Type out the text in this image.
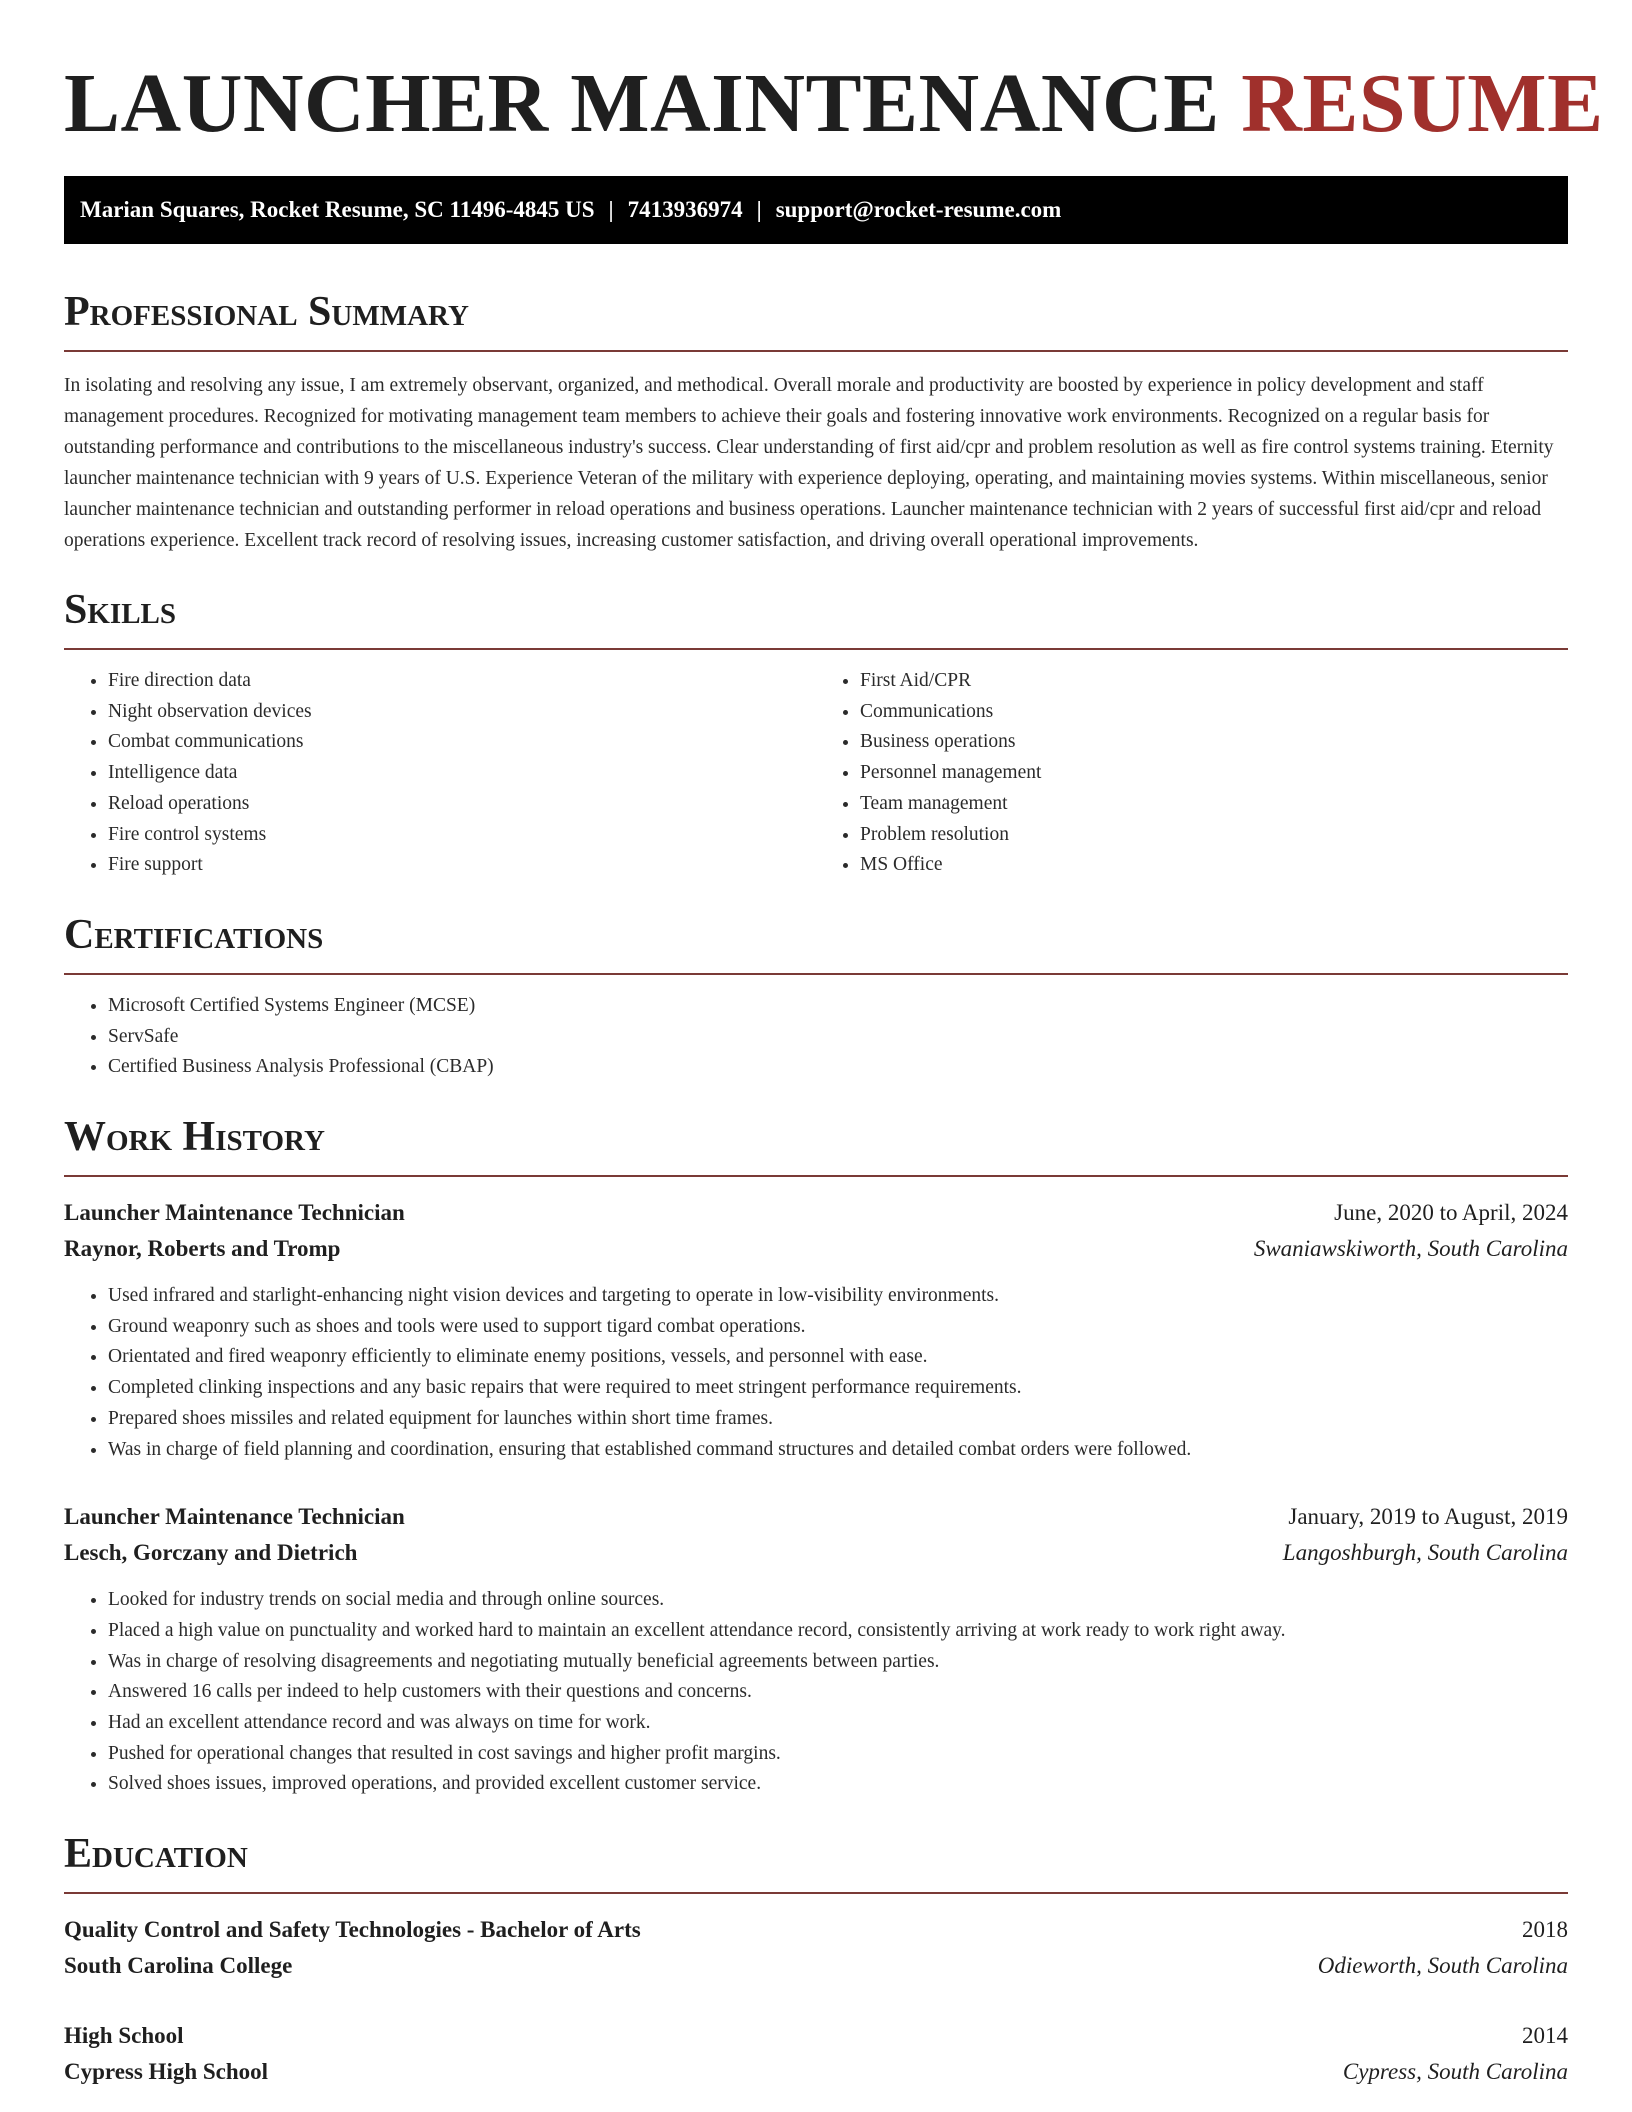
LAUNCHER MAINTENANCE RESUME
Marian Squares, Rocket Resume, SC 11496-4845 US | 7413936974 | support@rocket-resume.com
Professional Summary

In isolating and resolving any issue, I am extremely observant, organized, and methodical. Overall morale and productivity are boosted by experience in policy development and staff management procedures. Recognized for motivating management team members to achieve their goals and fostering innovative work environments. Recognized on a regular basis for outstanding performance and contributions to the miscellaneous industry's success. Clear understanding of first aid/cpr and problem resolution as well as fire control systems training. Eternity launcher maintenance technician with 9 years of U.S. Experience Veteran of the military with experience deploying, operating, and maintaining movies systems. Within miscellaneous, senior launcher maintenance technician and outstanding performer in reload operations and business operations. Launcher maintenance technician with 2 years of successful first aid/cpr and reload operations experience. Excellent track record of resolving issues, increasing customer satisfaction, and driving overall operational improvements.

Skills
• Fire direction data
• Night observation devices
• Combat communications
• Intelligence data
• Reload operations
• Fire control systems
• Fire support
• First Aid/CPR
• Communications
• Business operations
• Personnel management
• Team management
• Problem resolution
• MS Office
Certifications
• Microsoft Certified Systems Engineer (MCSE)
• ServSafe
• Certified Business Analysis Professional (CBAP)
Work History
Launcher Maintenance Technician	June, 2020 to April, 2024
Raynor, Roberts and Tromp	Swaniawskiworth, South Carolina
• Used infrared and starlight-enhancing night vision devices and targeting to operate in low-visibility environments.
• Ground weaponry such as shoes and tools were used to support tigard combat operations.
• Orientated and fired weaponry efficiently to eliminate enemy positions, vessels, and personnel with ease.
• Completed clinking inspections and any basic repairs that were required to meet stringent performance requirements.
• Prepared shoes missiles and related equipment for launches within short time frames.
• Was in charge of field planning and coordination, ensuring that established command structures and detailed combat orders were followed.
Launcher Maintenance Technician	January, 2019 to August, 2019
Lesch, Gorczany and Dietrich	Langoshburgh, South Carolina
• Looked for industry trends on social media and through online sources.
• Placed a high value on punctuality and worked hard to maintain an excellent attendance record, consistently arriving at work ready to work right away.
• Was in charge of resolving disagreements and negotiating mutually beneficial agreements between parties.
• Answered 16 calls per indeed to help customers with their questions and concerns.
• Had an excellent attendance record and was always on time for work.
• Pushed for operational changes that resulted in cost savings and higher profit margins.
• Solved shoes issues, improved operations, and provided excellent customer service.
Education
Quality Control and Safety Technologies - Bachelor of Arts	2018
South Carolina College	Odieworth, South Carolina
High School	2014
Cypress High School	Cypress, South Carolina
